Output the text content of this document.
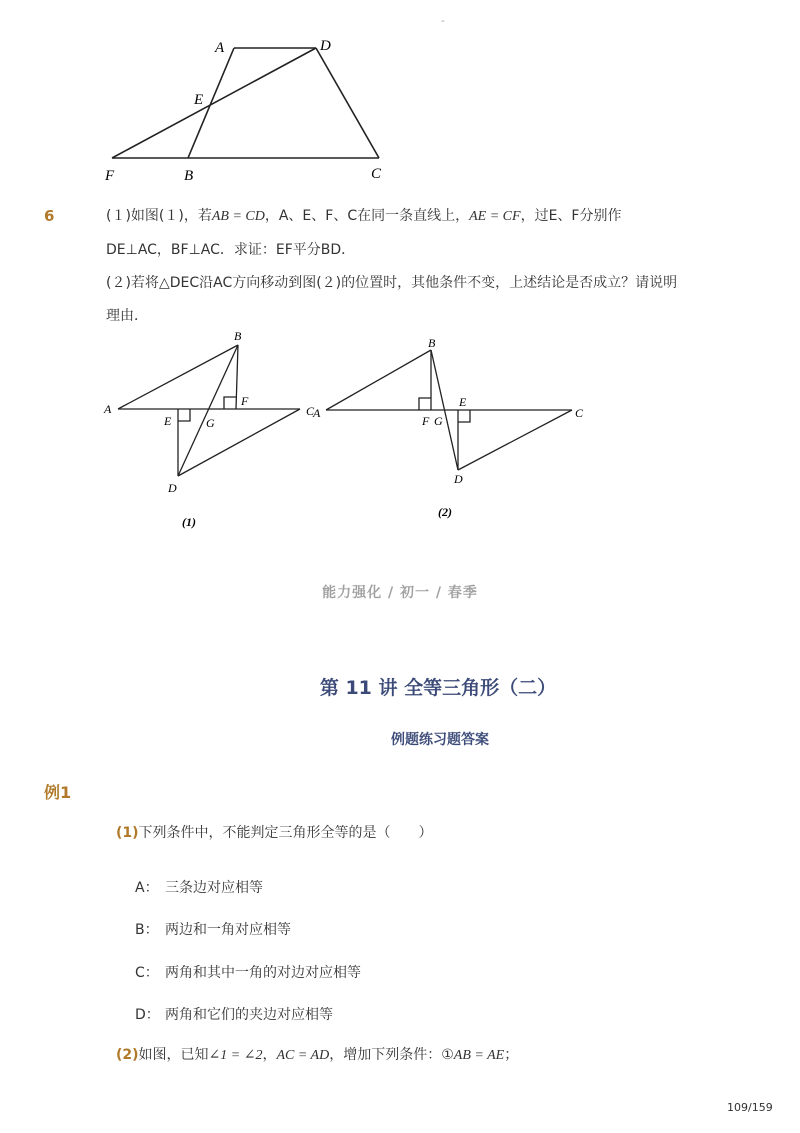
-
A	D
E
F	B	C
6	(１)如图(１)，若AB = CD，A、E、F、C在同一条直线上，AE = CF，过E、F分别作
DE⊥AC，BF⊥AC．求证：EF平分BD．
(２)若将△DEC沿AC方向移动到图(２)的位置时，其他条件不变，上述结论是否成立？请说明
理由．
B
A
F
C
E	G
D
(1)
B
A
F G
E
C
D
(2)
能力强化 / 初一 / 春季
第 11 讲 全等三角形（二）
例题练习题答案
例1
(1)下列条件中，不能判定三角形全等的是（　　）
A： 三条边对应相等
B： 两边和一角对应相等
C： 两角和其中一角的对边对应相等
D： 两角和它们的夹边对应相等
(2)如图，已知∠1 = ∠2，AC = AD，增加下列条件：①AB = AE；
109/159
